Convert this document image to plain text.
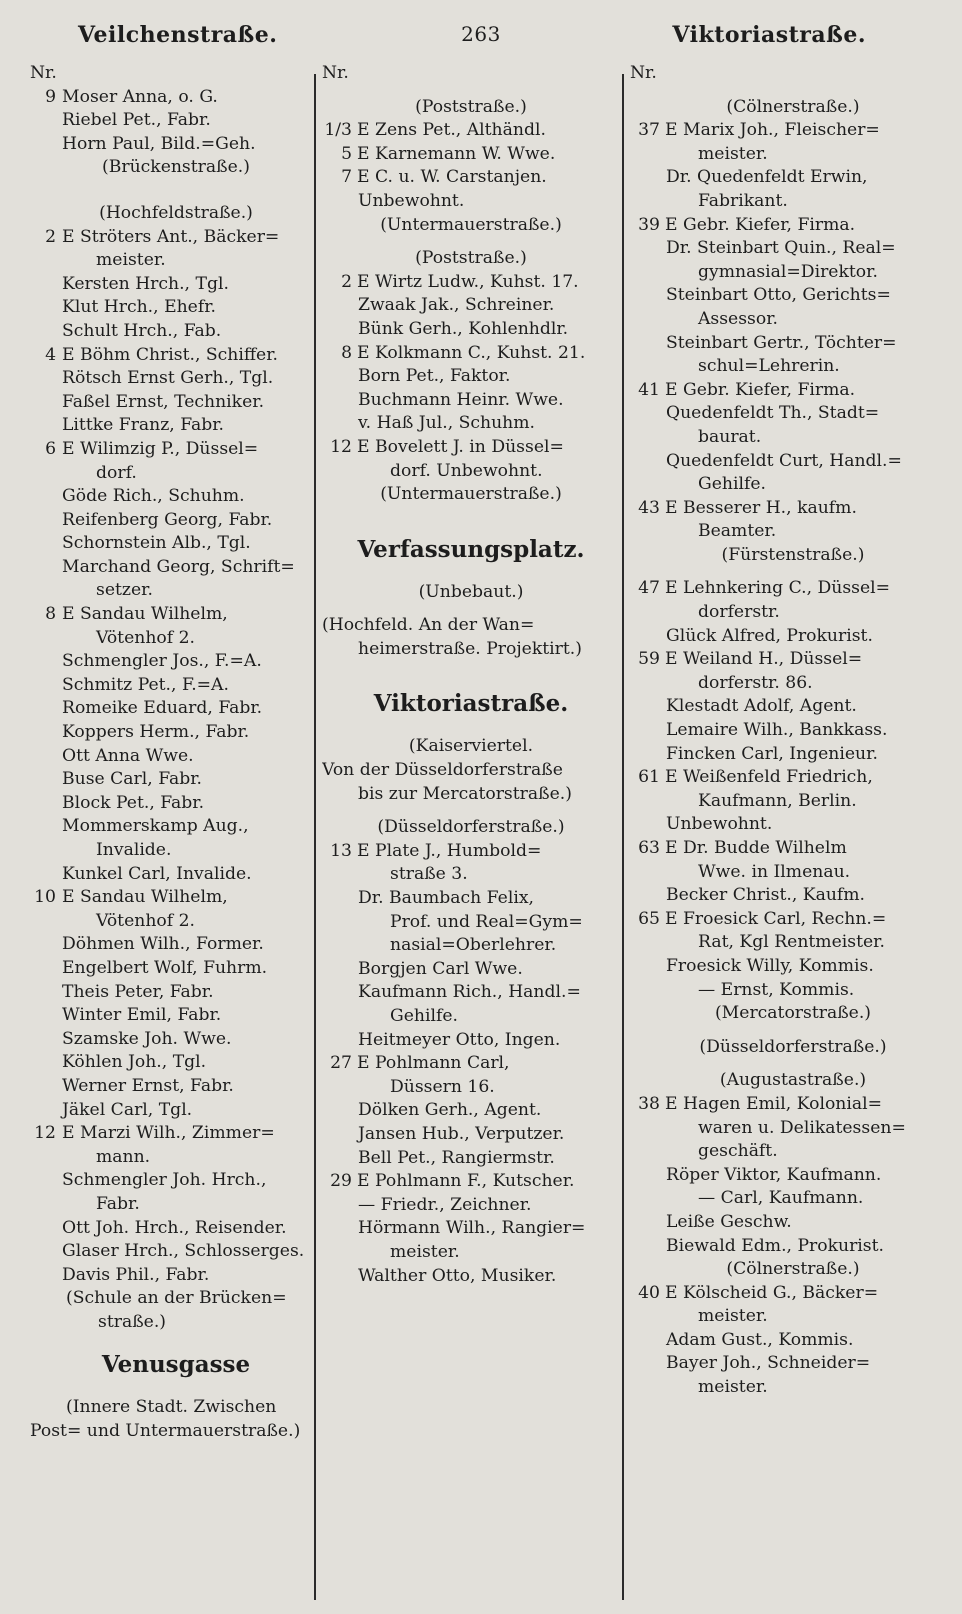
Veilchenstraße.	263	Viktoriastraße.
Nr.
9 Moser Anna, o. G.
Riebel Pet., Fabr.
Horn Paul, Bild.=Geh.
(Brückenstraße.)
(Hochfeldstraße.)
2 E Ströters Ant., Bäcker=
meister.
Kersten Hrch., Tgl.
Klut Hrch., Ehefr.
Schult Hrch., Fab.
4 E Böhm Christ., Schiffer.
Rötsch Ernst Gerh., Tgl.
Faßel Ernst, Techniker.
Littke Franz, Fabr.
6 E Wilimzig P., Düssel=
dorf.
Göde Rich., Schuhm.
Reifenberg Georg, Fabr.
Schornstein Alb., Tgl.
Marchand Georg, Schrift=
setzer.
8 E Sandau Wilhelm,
Vötenhof 2.
Schmengler Jos., F.=A.
Schmitz Pet., F.=A.
Romeike Eduard, Fabr.
Koppers Herm., Fabr.
Ott Anna Wwe.
Buse Carl, Fabr.
Block Pet., Fabr.
Mommerskamp Aug.,
Invalide.
Kunkel Carl, Invalide.
10 E Sandau Wilhelm,
Vötenhof 2.
Döhmen Wilh., Former.
Engelbert Wolf, Fuhrm.
Theis Peter, Fabr.
Winter Emil, Fabr.
Szamske Joh. Wwe.
Köhlen Joh., Tgl.
Werner Ernst, Fabr.
Jäkel Carl, Tgl.
12 E Marzi Wilh., Zimmer=
mann.
Schmengler Joh. Hrch.,
Fabr.
Ott Joh. Hrch., Reisender.
Glaser Hrch., Schlosserges.
Davis Phil., Fabr.
(Schule an der Brücken=
straße.)
Venusgasse
(Innere Stadt. Zwischen
Post= und Untermauerstraße.)
Nr.
(Poststraße.)
1/3 E Zens Pet., Althändl.
5 E Karnemann W. Wwe.
7 E C. u. W. Carstanjen.
Unbewohnt.
(Untermauerstraße.)
(Poststraße.)
2 E Wirtz Ludw., Kuhst. 17.
Zwaak Jak., Schreiner.
Bünk Gerh., Kohlenhdlr.
8 E Kolkmann C., Kuhst. 21.
Born Pet., Faktor.
Buchmann Heinr. Wwe.
v. Haß Jul., Schuhm.
12 E Bovelett J. in Düssel=
dorf. Unbewohnt.
(Untermauerstraße.)
Verfassungsplatz.
(Unbebaut.)
(Hochfeld. An der Wan=
heimerstraße. Projektirt.)
Viktoriastraße.
(Kaiserviertel.
Von der Düsseldorferstraße
bis zur Mercatorstraße.)
(Düsseldorferstraße.)
13 E Plate J., Humbold=
straße 3.
Dr. Baumbach Felix,
Prof. und Real=Gym=
nasial=Oberlehrer.
Borgjen Carl Wwe.
Kaufmann Rich., Handl.=
Gehilfe.
Heitmeyer Otto, Ingen.
27 E Pohlmann Carl,
Düssern 16.
Dölken Gerh., Agent.
Jansen Hub., Verputzer.
Bell Pet., Rangiermstr.
29 E Pohlmann F., Kutscher.
— Friedr., Zeichner.
Hörmann Wilh., Rangier=
meister.
Walther Otto, Musiker.
Nr.
(Cölnerstraße.)
37 E Marix Joh., Fleischer=
meister.
Dr. Quedenfeldt Erwin,
Fabrikant.
39 E Gebr. Kiefer, Firma.
Dr. Steinbart Quin., Real=
gymnasial=Direktor.
Steinbart Otto, Gerichts=
Assessor.
Steinbart Gertr., Töchter=
schul=Lehrerin.
41 E Gebr. Kiefer, Firma.
Quedenfeldt Th., Stadt=
baurat.
Quedenfeldt Curt, Handl.=
Gehilfe.
43 E Besserer H., kaufm.
Beamter.
(Fürstenstraße.)
47 E Lehnkering C., Düssel=
dorferstr.
Glück Alfred, Prokurist.
59 E Weiland H., Düssel=
dorferstr. 86.
Klestadt Adolf, Agent.
Lemaire Wilh., Bankkass.
Fincken Carl, Ingenieur.
61 E Weißenfeld Friedrich,
Kaufmann, Berlin.
Unbewohnt.
63 E Dr. Budde Wilhelm
Wwe. in Ilmenau.
Becker Christ., Kaufm.
65 E Froesick Carl, Rechn.=
Rat, Kgl Rentmeister.
Froesick Willy, Kommis.
— Ernst, Kommis.
(Mercatorstraße.)
(Düsseldorferstraße.)
(Augustastraße.)
38 E Hagen Emil, Kolonial=
waren u. Delikatessen=
geschäft.
Röper Viktor, Kaufmann.
— Carl, Kaufmann.
Leiße Geschw.
Biewald Edm., Prokurist.
(Cölnerstraße.)
40 E Kölscheid G., Bäcker=
meister.
Adam Gust., Kommis.
Bayer Joh., Schneider=
meister.
